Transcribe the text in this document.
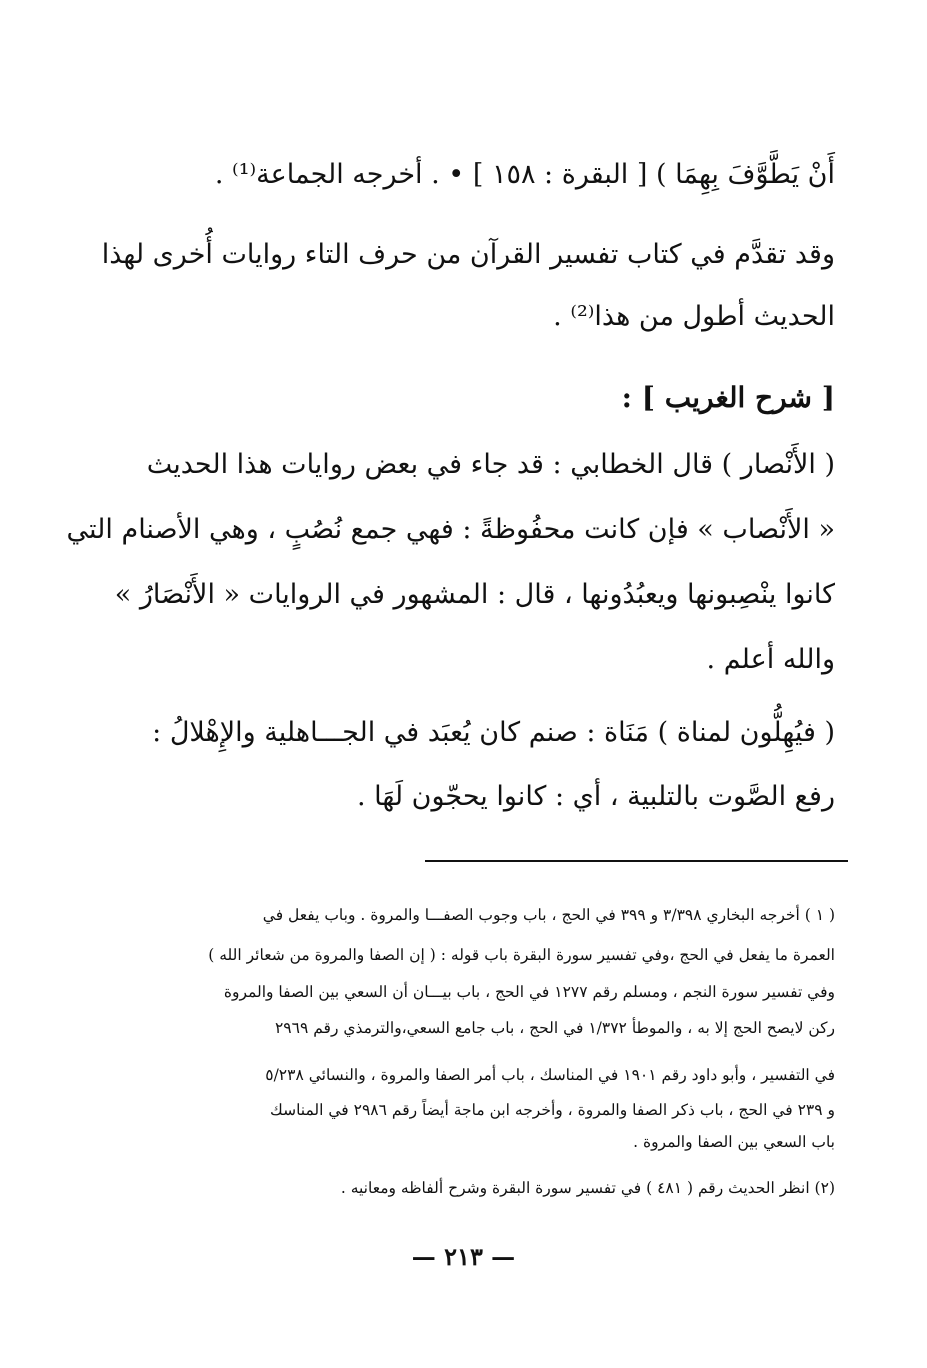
أَنْ يَطَّوَّفَ بِهِمَا ) [ البقرة : ١٥٨ ] • . أخرجه الجماعة⁽¹⁾ .
وقد تقدَّم في كتاب تفسير القرآن من حرف التاء روايات أُخرى لهذا
الحديث أطول من هذا⁽²⁾ .
[ شرح الغريب ] :
( الأَنْصار ) قال الخطابي : قد جاء في بعض روايات هذا الحديث
« الأَنْصاب » فإن كانت محفُوظةً : فهي جمع نُصُبٍ ، وهي الأصنام التي
كانوا ينْصِبونها ويعبُدُونها ، قال : المشهور في الروايات « الأَنْصَارُ »
والله أعلم .
( فيُهِلُّون لمناة ) مَنَاة : صنم كان يُعبَد في الجـــاهلية والإِهْلالُ :
رفع الصَّوت بالتلبية ، أي : كانوا يحجّون لَهَا .
( ١ ) أخرجه البخاري ٣/٣٩٨ و ٣٩٩ في الحج ، باب وجوب الصفـــا والمروة . وباب يفعل في
العمرة ما يفعل في الحج ،وفي تفسير سورة البقرة باب قوله : ( إن الصفا والمروة من شعائر الله )
وفي تفسير سورة النجم ، ومسلم رقم ١٢٧٧ في الحج ، باب بيـــان أن السعي بين الصفا والمروة
ركن لايصح الحج إلا به ، والموطأ ١/٣٧٢ في الحج ، باب جامع السعي،والترمذي رقم ٢٩٦٩
في التفسير ، وأبو داود رقم ١٩٠١ في المناسك ، باب أمر الصفا والمروة ، والنسائي ٥/٢٣٨
و ٢٣٩ في الحج ، باب ذكر الصفا والمروة ، وأخرجه ابن ماجة أيضاً رقم ٢٩٨٦ في المناسك
باب السعي بين الصفا والمروة .
(٢) انظر الحديث رقم ( ٤٨١ ) في تفسير سورة البقرة وشرح ألفاظه ومعانيه .
— ٢١٣ —
